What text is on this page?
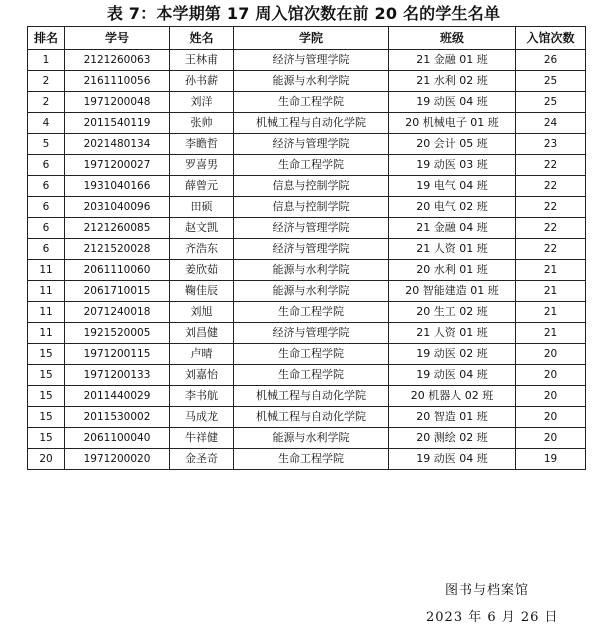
表 7：本学期第 17 周入馆次数在前 20 名的学生名单
排名	学号	姓名	学院	班级	入馆次数
1	2121260063	王林甫	经济与管理学院	21 金融 01 班	26
2	2161110056	孙书薪	能源与水利学院	21 水利 02 班	25
2	1971200048	刘洋	生命工程学院	19 动医 04 班	25
4	2011540119	张帅	机械工程与自动化学院	20 机械电子 01 班	24
5	2021480134	李瞻哲	经济与管理学院	20 会计 05 班	23
6	1971200027	罗喜男	生命工程学院	19 动医 03 班	22
6	1931040166	薛曾元	信息与控制学院	19 电气 04 班	22
6	2031040096	田硕	信息与控制学院	20 电气 02 班	22
6	2121260085	赵文凯	经济与管理学院	21 金融 04 班	22
6	2121520028	齐浩东	经济与管理学院	21 人资 01 班	22
11	2061110060	姜欣茹	能源与水利学院	20 水利 01 班	21
11	2061710015	鞠佳辰	能源与水利学院	20 智能建造 01 班	21
11	2071240018	刘旭	生命工程学院	20 生工 02 班	21
11	1921520005	刘昌健	经济与管理学院	21 人资 01 班	21
15	1971200115	卢晴	生命工程学院	19 动医 02 班	20
15	1971200133	刘嘉怡	生命工程学院	19 动医 04 班	20
15	2011440029	李书航	机械工程与自动化学院	20 机器人 02 班	20
15	2011530002	马成龙	机械工程与自动化学院	20 智造 01 班	20
15	2061100040	牛祥健	能源与水利学院	20 测绘 02 班	20
20	1971200020	金圣奇	生命工程学院	19 动医 04 班	19
图书与档案馆
2023 年 6 月 26 日
